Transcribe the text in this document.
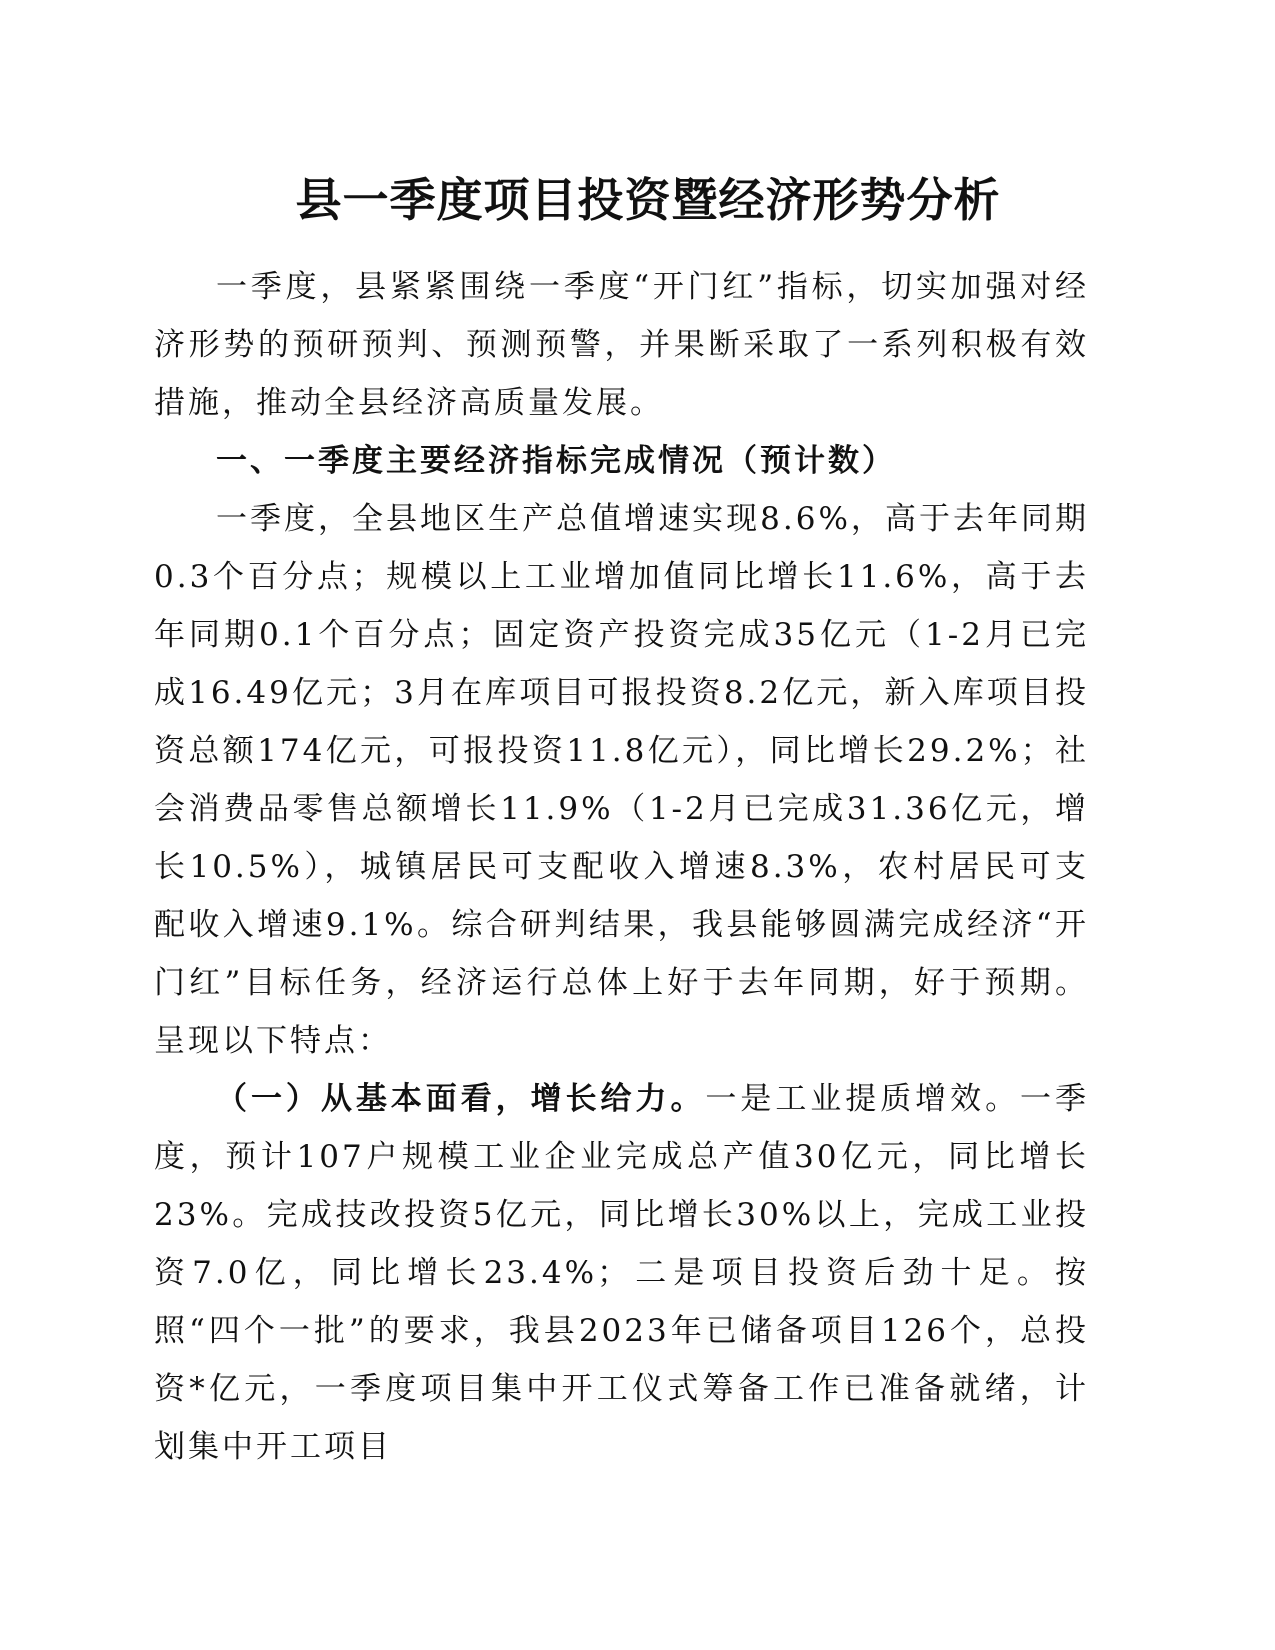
县一季度项目投资暨经济形势分析

一季度，县紧紧围绕一季度“开门红”指标，切实加强对经济形势的预研预判、预测预警，并果断采取了一系列积极有效措施，推动全县经济高质量发展。

一、一季度主要经济指标完成情况（预计数）

一季度，全县地区生产总值增速实现8.6%，高于去年同期0.3个百分点；规模以上工业增加值同比增长11.6%，高于去年同期0.1个百分点；固定资产投资完成35亿元（1-2月已完成16.49亿元；3月在库项目可报投资8.2亿元，新入库项目投资总额174亿元，可报投资11.8亿元），同比增长29.2%；社会消费品零售总额增长11.9%（1-2月已完成31.36亿元，增长10.5%），城镇居民可支配收入增速8.3%，农村居民可支配收入增速9.1%。综合研判结果，我县能够圆满完成经济“开门红”目标任务，经济运行总体上好于去年同期，好于预期。呈现以下特点：

（一）从基本面看，增长给力。一是工业提质增效。一季度，预计107户规模工业企业完成总产值30亿元，同比增长23%。完成技改投资5亿元，同比增长30%以上，完成工业投资7.0亿，同比增长23.4%；二是项目投资后劲十足。按照“四个一批”的要求，我县2023年已储备项目126个，总投资*亿元，一季度项目集中开工仪式筹备工作已准备就绪，计划集中开工项目
